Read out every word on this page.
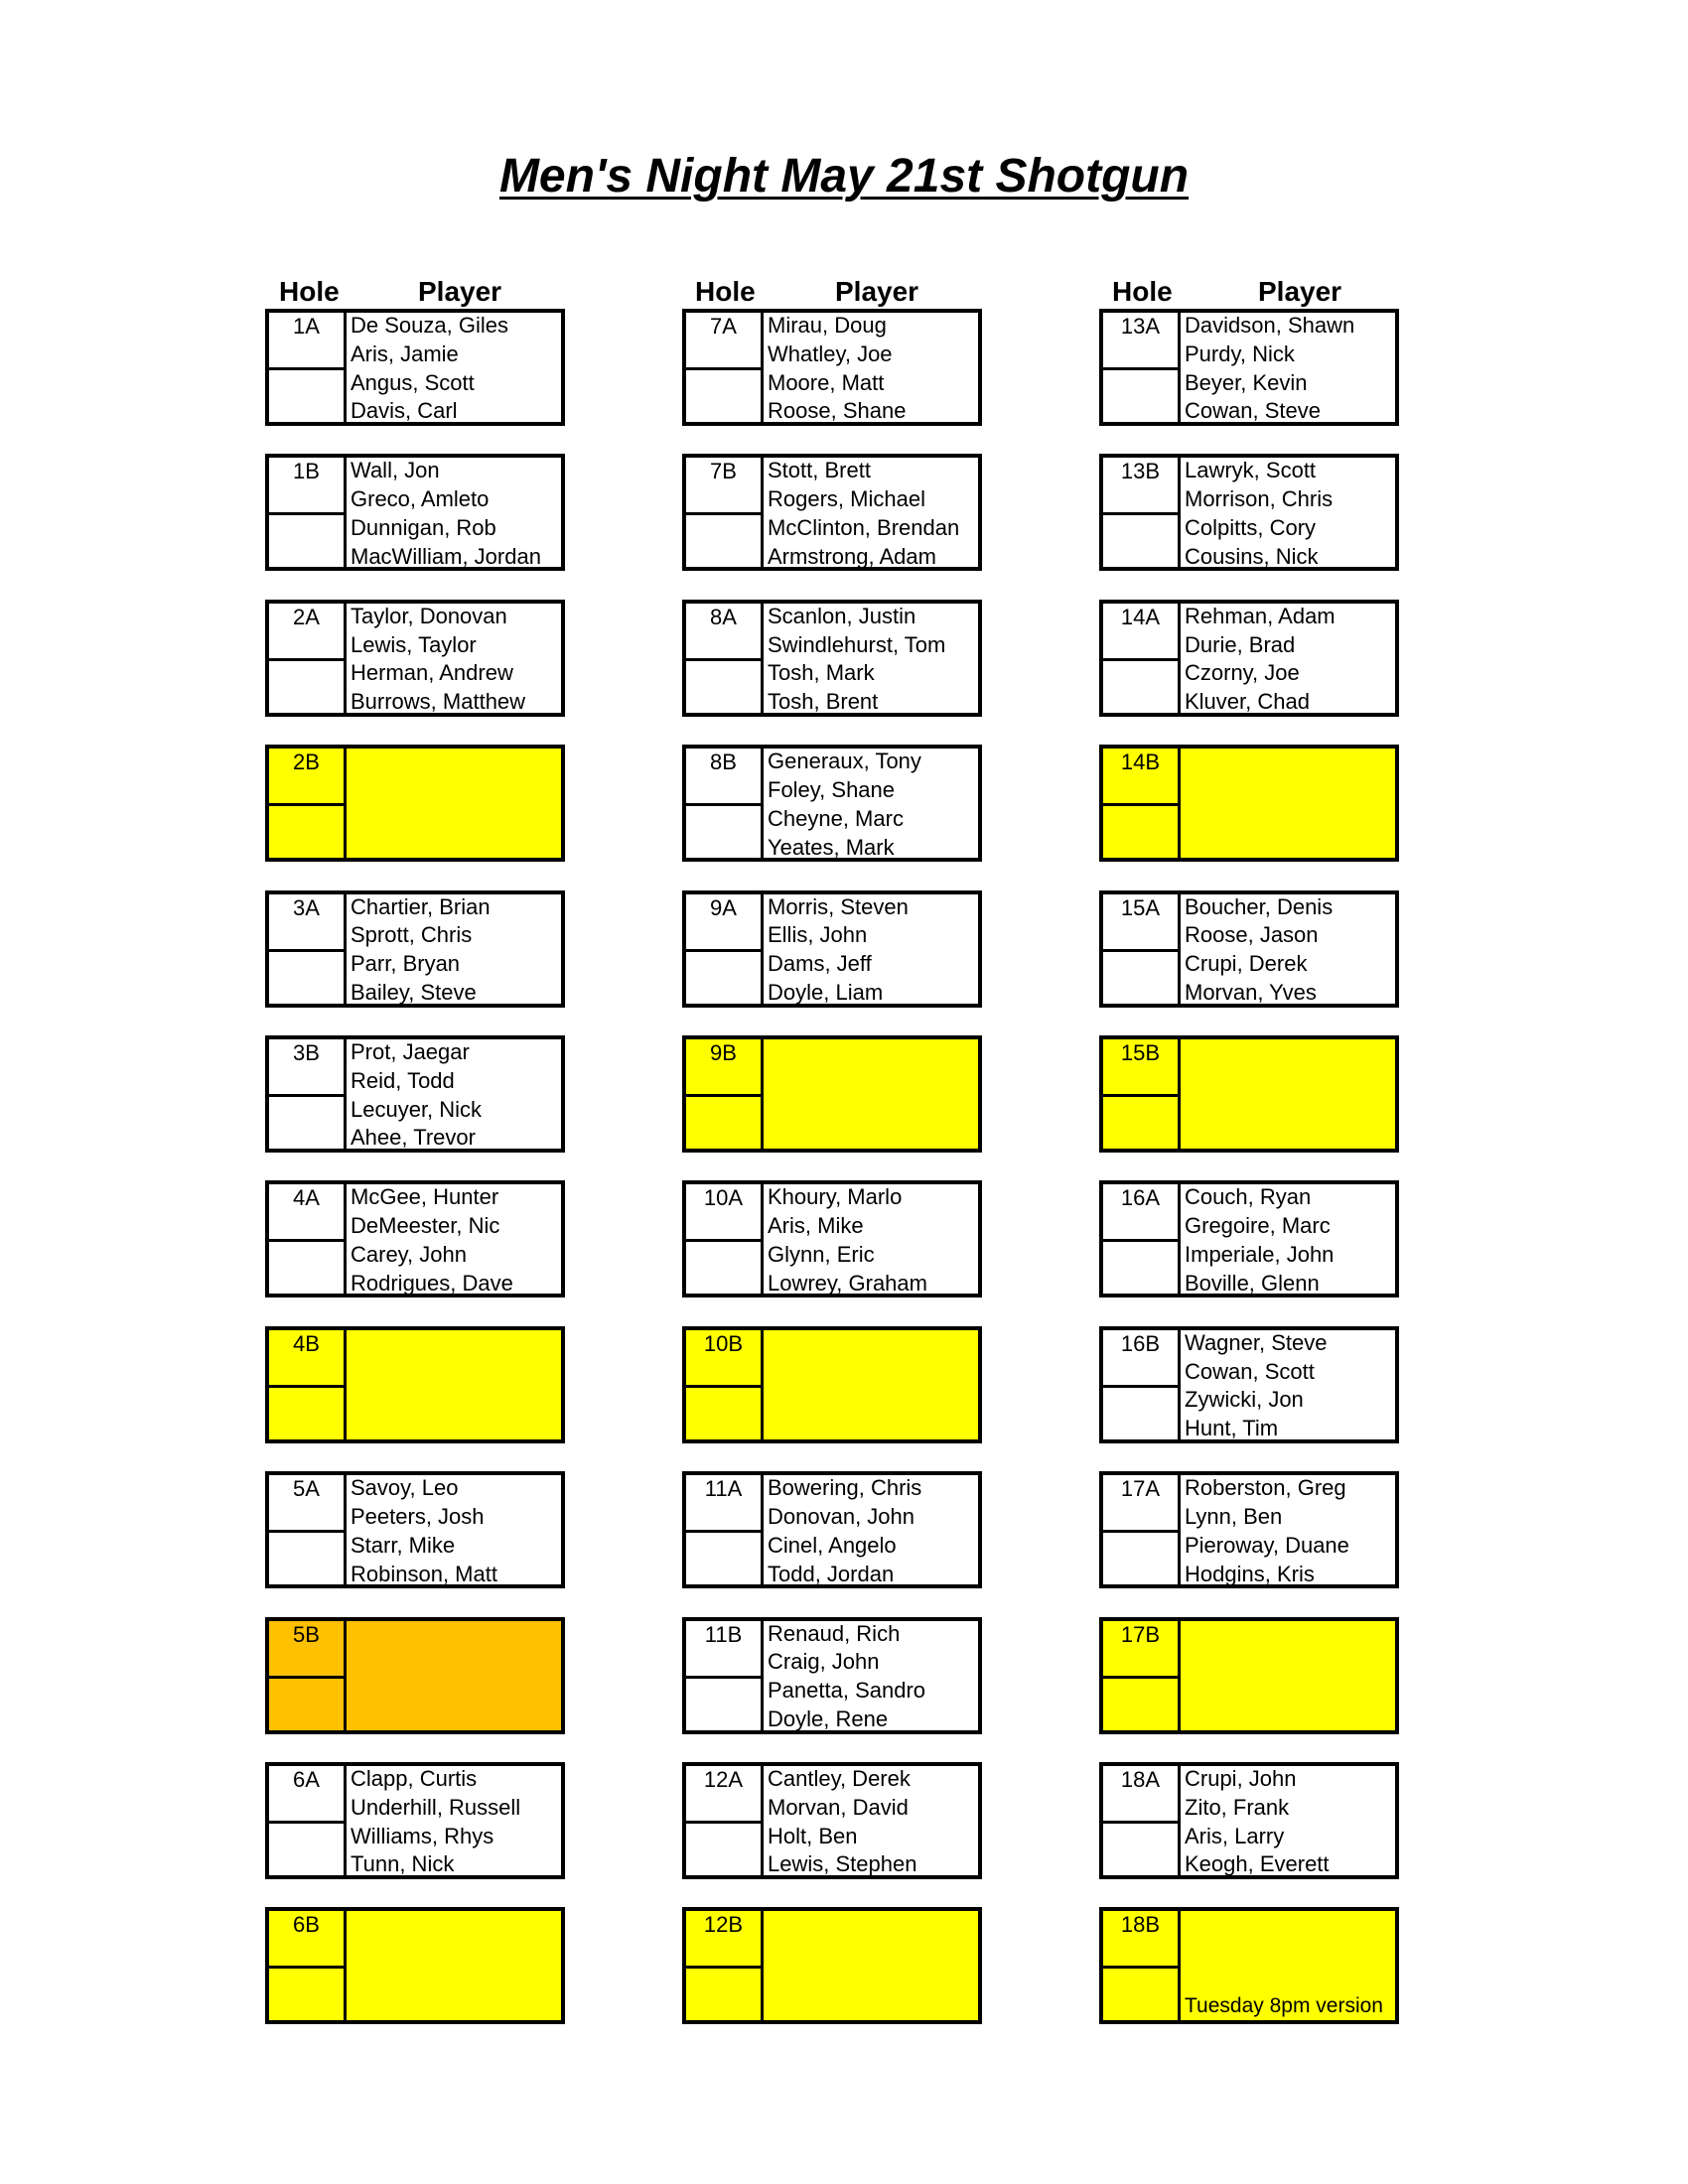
Men's Night May 21st Shotgun
Hole	Player	Hole	Player	Hole	Player
1A	De Souza, Giles
Aris, Jamie
Angus, Scott
Davis, Carl
1B	Wall, Jon
Greco, Amleto
Dunnigan, Rob
MacWilliam, Jordan
2A	Taylor, Donovan
Lewis, Taylor
Herman, Andrew
Burrows, Matthew
2B
3A	Chartier, Brian
Sprott, Chris
Parr, Bryan
Bailey, Steve
3B	Prot, Jaegar
Reid, Todd
Lecuyer, Nick
Ahee, Trevor
4A	McGee, Hunter
DeMeester, Nic
Carey, John
Rodrigues, Dave
4B
5A	Savoy, Leo
Peeters, Josh
Starr, Mike
Robinson, Matt
5B
6A	Clapp, Curtis
Underhill, Russell
Williams, Rhys
Tunn, Nick
6B
7A	Mirau, Doug
Whatley, Joe
Moore, Matt
Roose, Shane
7B	Stott, Brett
Rogers, Michael
McClinton, Brendan
Armstrong, Adam
8A	Scanlon, Justin
Swindlehurst, Tom
Tosh, Mark
Tosh, Brent
8B	Generaux, Tony
Foley, Shane
Cheyne, Marc
Yeates, Mark
9A	Morris, Steven
Ellis, John
Dams, Jeff
Doyle, Liam
9B
10A	Khoury, Marlo
Aris, Mike
Glynn, Eric
Lowrey, Graham
10B
11A	Bowering, Chris
Donovan, John
Cinel, Angelo
Todd, Jordan
11B	Renaud, Rich
Craig, John
Panetta, Sandro
Doyle, Rene
12A	Cantley, Derek
Morvan, David
Holt, Ben
Lewis, Stephen
12B
13A	Davidson, Shawn
Purdy, Nick
Beyer, Kevin
Cowan, Steve
13B	Lawryk, Scott
Morrison, Chris
Colpitts, Cory
Cousins, Nick
14A	Rehman, Adam
Durie, Brad
Czorny, Joe
Kluver, Chad
14B
15A	Boucher, Denis
Roose, Jason
Crupi, Derek
Morvan, Yves
15B
16A	Couch, Ryan
Gregoire, Marc
Imperiale, John
Boville, Glenn
16B	Wagner, Steve
Cowan, Scott
Zywicki, Jon
Hunt, Tim
17A	Roberston, Greg
Lynn, Ben
Pieroway, Duane
Hodgins, Kris
17B
18A	Crupi, John
Zito, Frank
Aris, Larry
Keogh, Everett
18B
Tuesday 8pm version
